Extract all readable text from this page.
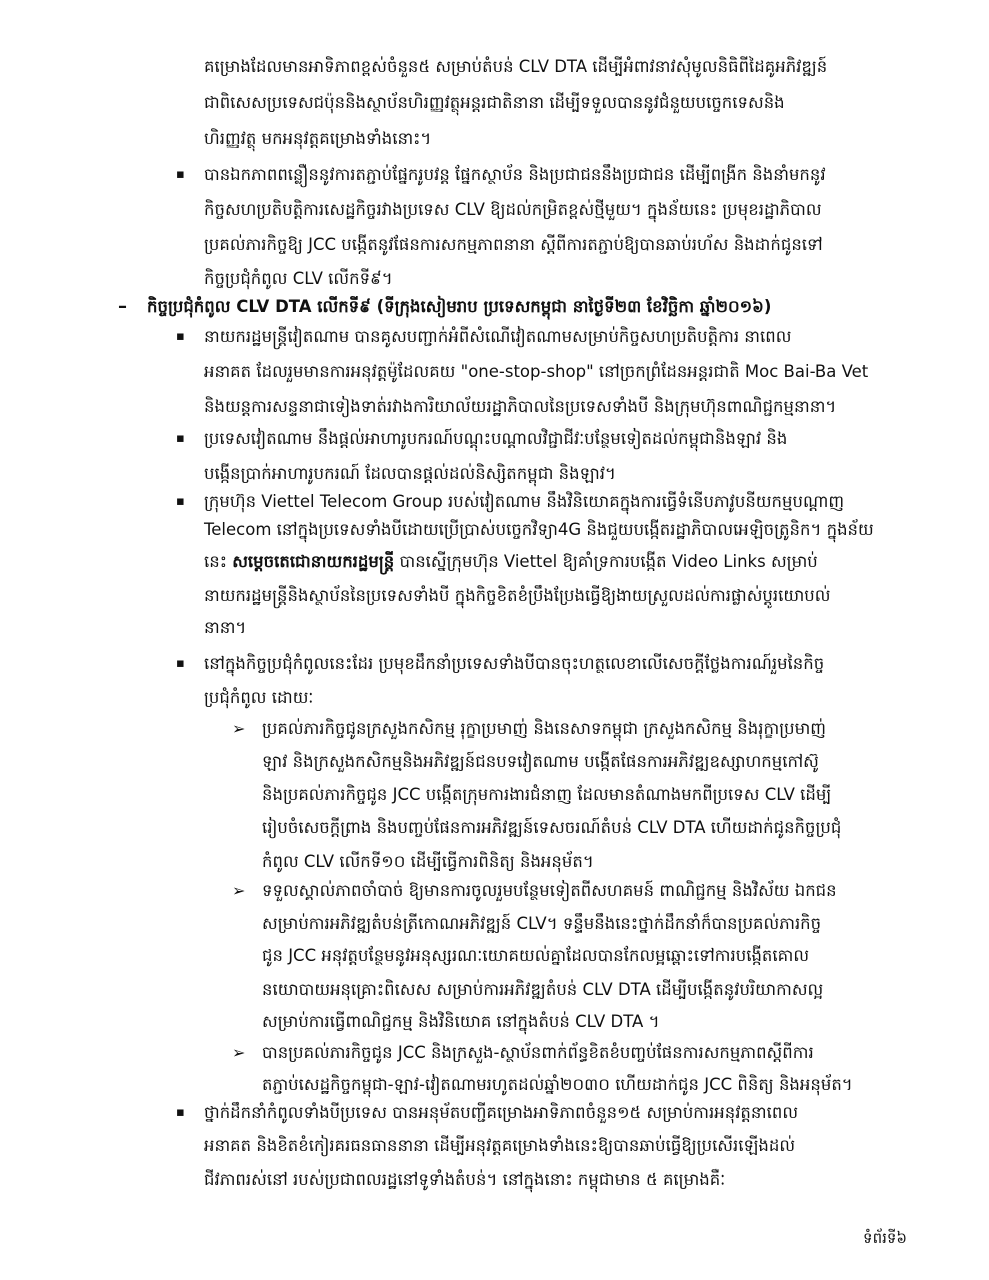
គម្រោងដែលមានអាទិភាពខ្ពស់ចំនួន៥ សម្រាប់តំបន់ CLV DTA ដើម្បីអំពាវនាវសុំមូលនិធិពីដៃគូអភិវឌ្ឍន៍
ជាពិសេសប្រទេសជប៉ុននិងស្ថាប័នហិរញ្ញវត្ថុអន្តរជាតិនានា ដើម្បីទទួលបាននូវជំនួយបច្ចេកទេសនិង
ហិរញ្ញវត្ថុ មកអនុវត្តគម្រោងទាំងនោះ។
▪ បានឯកភាពពន្លឿននូវការតភ្ជាប់ផ្នែករូបវន្ត ផ្នែកស្ថាប័ន និងប្រជាជននឹងប្រជាជន ដើម្បីពង្រីក និងនាំមកនូវ
កិច្ចសហប្រតិបត្តិការសេដ្ឋកិច្ចរវាងប្រទេស CLV ឱ្យដល់កម្រិតខ្ពស់ថ្មីមួយ។ ក្នុងន័យនេះ ប្រមុខរដ្ឋាភិបាល
ប្រគល់ភារកិច្ចឱ្យ JCC បង្កើតនូវផែនការសកម្មភាពនានា ស្តីពីការតភ្ជាប់ឱ្យបានឆាប់រហ័ស និងដាក់ជូនទៅ
កិច្ចប្រជុំកំពូល CLV លើកទី៩។
– កិច្ចប្រជុំកំពូល CLV DTA លើកទី៩ (ទីក្រុងសៀមរាប ប្រទេសកម្ពុជា នាថ្ងៃទី២៣ ខែវិច្ឆិកា ឆ្នាំ២០១៦)
▪ នាយករដ្ឋមន្ត្រីវៀតណាម បានគូសបញ្ជាក់អំពីសំណើវៀតណាមសម្រាប់កិច្ចសហប្រតិបត្តិការ នាពេល
អនាគត ដែលរួមមានការអនុវត្តម៉ូដែលគយ "one-stop-shop" នៅច្រកព្រំដែនអន្តរជាតិ Moc Bai-Ba Vet
និងយន្តការសន្ទនាជាទៀងទាត់រវាងការិយាល័យរដ្ឋាភិបាលនៃប្រទេសទាំងបី និងក្រុមហ៊ុនពាណិជ្ជកម្មនានា។
▪ ប្រទេសវៀតណាម នឹងផ្តល់អាហារូបករណ៍បណ្តុះបណ្តាលវិជ្ជាជីវៈបន្ថែមទៀតដល់កម្ពុជានិងឡាវ និង
បង្កើនប្រាក់អាហារូបករណ៍ ដែលបានផ្តល់ដល់និស្សិតកម្ពុជា និងឡាវ។
▪ ក្រុមហ៊ុន Viettel Telecom Group របស់វៀតណាម នឹងវិនិយោគក្នុងការធ្វើទំនើបភាវូបនីយកម្មបណ្តាញ
Telecom នៅក្នុងប្រទេសទាំងបីដោយប្រើប្រាស់បច្ចេកវិទ្យា4G និងជួយបង្កើតរដ្ឋាភិបាលអេឡិចត្រូនិក។ ក្នុងន័យ
នេះ សម្តេចតេជោនាយករដ្ឋមន្ត្រី បានស្នើក្រុមហ៊ុន Viettel ឱ្យគាំទ្រការបង្កើត Video Links សម្រាប់
នាយករដ្ឋមន្ត្រីនិងស្ថាប័ននៃប្រទេសទាំងបី ក្នុងកិច្ចខិតខំប្រឹងប្រែងធ្វើឱ្យងាយស្រួលដល់ការផ្លាស់ប្តូរយោបល់
នានា។
▪ នៅក្នុងកិច្ចប្រជុំកំពូលនេះដែរ ប្រមុខដឹកនាំប្រទេសទាំងបីបានចុះហត្ថលេខាលើសេចក្តីថ្លែងការណ៍រួមនៃកិច្ច
ប្រជុំកំពូល ដោយៈ
➢ ប្រគល់ភារកិច្ចជូនក្រសួងកសិកម្ម រុក្ខាប្រមាញ់ និងនេសាទកម្ពុជា ក្រសួងកសិកម្ម និងរុក្ខាប្រមាញ់
ឡាវ និងក្រសួងកសិកម្មនិងអភិវឌ្ឍន៍ជនបទវៀតណាម បង្កើតផែនការអភិវឌ្ឍឧស្សាហកម្មកៅស៊ូ
និងប្រគល់ភារកិច្ចជូន JCC បង្កើតក្រុមការងារជំនាញ ដែលមានតំណាងមកពីប្រទេស CLV ដើម្បី
រៀបចំសេចក្តីព្រាង និងបញ្ចប់ផែនការអភិវឌ្ឍន៍ទេសចរណ៍តំបន់ CLV DTA ហើយដាក់ជូនកិច្ចប្រជុំ
កំពូល CLV លើកទី១០ ដើម្បីធ្វើការពិនិត្យ និងអនុម័ត។
➢ ទទួលស្គាល់ភាពចាំបាច់ ឱ្យមានការចូលរួមបន្ថែមទៀតពីសហគមន៍ ពាណិជ្ជកម្ម និងវិស័យ ឯកជន
សម្រាប់ការអភិវឌ្ឍតំបន់ត្រីកោណអភិវឌ្ឍន៍ CLV។ ទន្ទឹមនឹងនេះថ្នាក់ដឹកនាំក៏បានប្រគល់ភារកិច្ច
ជូន JCC អនុវត្តបន្ថែមនូវអនុស្សរណៈយោគយល់គ្នាដែលបានកែលម្អឆ្ពោះទៅការបង្កើតគោល
នយោបាយអនុគ្រោះពិសេស សម្រាប់ការអភិវឌ្ឍតំបន់ CLV DTA ដើម្បីបង្កើតនូវបរិយាកាសល្អ
សម្រាប់ការធ្វើពាណិជ្ជកម្ម និងវិនិយោគ នៅក្នុងតំបន់ CLV DTA ។
➢ បានប្រគល់ភារកិច្ចជូន JCC និងក្រសួង-ស្ថាប័នពាក់ព័ន្ធខិតខំបញ្ចប់ផែនការសកម្មភាពស្តីពីការ
តភ្ជាប់សេដ្ឋកិច្ចកម្ពុជា-ឡាវ-វៀតណាមរហូតដល់ឆ្នាំ២០៣០ ហើយដាក់ជូន JCC ពិនិត្យ និងអនុម័ត។
▪ ថ្នាក់ដឹកនាំកំពូលទាំងបីប្រទេស បានអនុម័តបញ្ជីគម្រោងអាទិភាពចំនួន១៥ សម្រាប់ការអនុវត្តនាពេល
អនាគត និងខិតខំកៀរគរធនធាននានា ដើម្បីអនុវត្តគម្រោងទាំងនេះឱ្យបានឆាប់ធ្វើឱ្យប្រសើរឡើងដល់
ជីវភាពរស់នៅ របស់ប្រជាពលរដ្ឋនៅទូទាំងតំបន់។ នៅក្នុងនោះ កម្ពុជាមាន ៥ គម្រោងគឺៈ
ទំព័រទី៦
